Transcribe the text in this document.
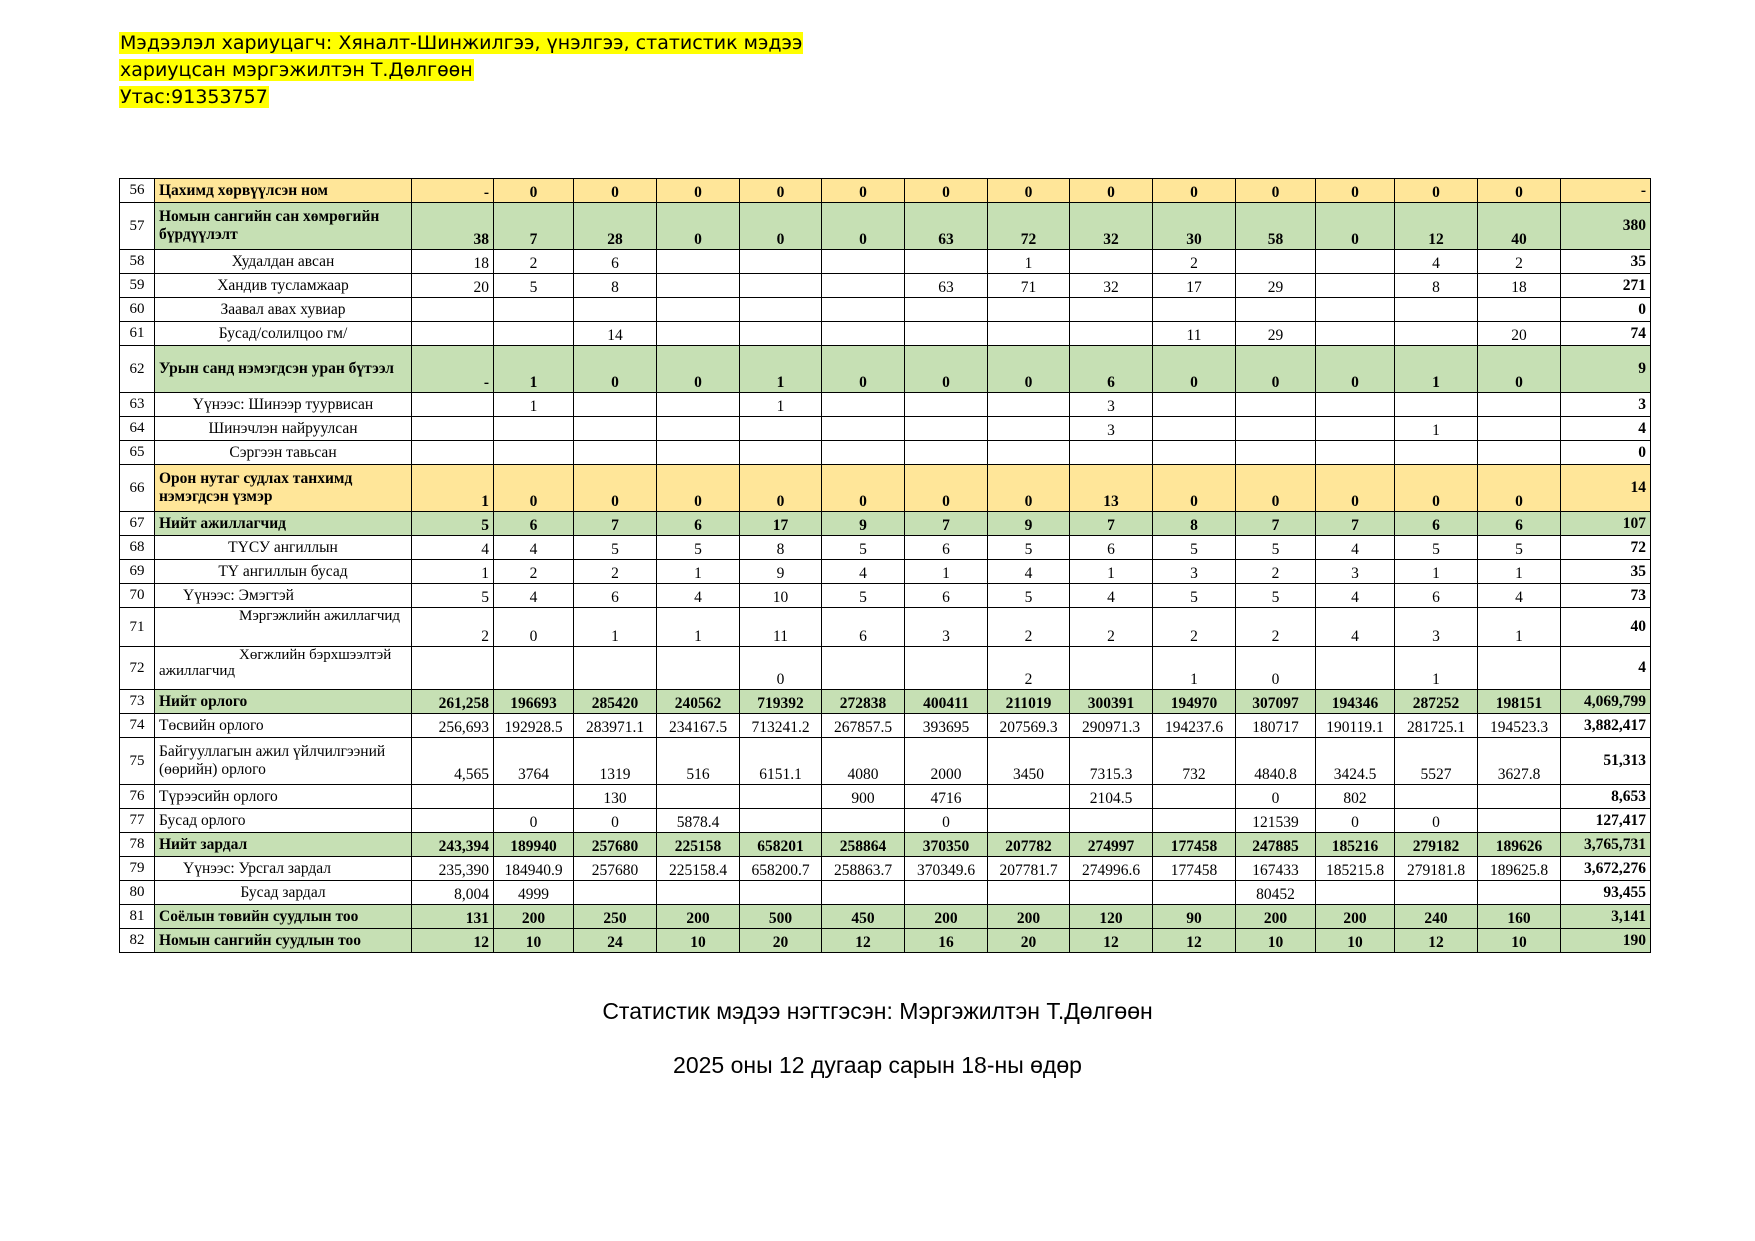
Мэдээлэл хариуцагч: Хяналт-Шинжилгээ, үнэлгээ, статистик мэдээ
хариуцсан мэргэжилтэн Т.Дөлгөөн
Утас:91353757
56	Цахимд хөрвүүлсэн ном	-	0	0	0	0	0	0	0	0	0	0	0	0	0	-
57	Номын сангийн сан хөмрөгийн бүрдүүлэлт	38	7	28	0	0	0	63	72	32	30	58	0	12	40	380
58	Худалдан авсан	18	2	6					1		2			4	2	35
59	Хандив тусламжаар	20	5	8				63	71	32	17	29		8	18	271
60	Заавал авах хувиар															0
61	Бусад/солилцоо гм/			14							11	29			20	74
62	Урын санд нэмэгдсэн уран бүтээл	-	1	0	0	1	0	0	0	6	0	0	0	1	0	9
63	Үүнээс: Шинээр туурвисан		1			1				3						3
64	Шинэчлэн найруулсан									3				1		4
65	Сэргээн тавьсан															0
66	Орон нутаг судлах танхимд нэмэгдсэн үзмэр	1	0	0	0	0	0	0	0	13	0	0	0	0	0	14
67	Нийт ажиллагчид	5	6	7	6	17	9	7	9	7	8	7	7	6	6	107
68	ТҮСУ ангиллын	4	4	5	5	8	5	6	5	6	5	5	4	5	5	72
69	ТҮ ангиллын бусад	1	2	2	1	9	4	1	4	1	3	2	3	1	1	35
70	Үүнээс: Эмэгтэй	5	4	6	4	10	5	6	5	4	5	5	4	6	4	73
71	Мэргэжлийн ажиллагчид	2	0	1	1	11	6	3	2	2	2	2	4	3	1	40
72	Хөгжлийн бэрхшээлтэй ажиллагчид					0			2		1	0		1		4
73	Нийт орлого	261,258	196693	285420	240562	719392	272838	400411	211019	300391	194970	307097	194346	287252	198151	4,069,799
74	Төсвийн орлого	256,693	192928.5	283971.1	234167.5	713241.2	267857.5	393695	207569.3	290971.3	194237.6	180717	190119.1	281725.1	194523.3	3,882,417
75	Байгууллагын ажил үйлчилгээний (өөрийн) орлого	4,565	3764	1319	516	6151.1	4080	2000	3450	7315.3	732	4840.8	3424.5	5527	3627.8	51,313
76	Түрээсийн орлого			130			900	4716		2104.5		0	802			8,653
77	Бусад орлого		0	0	5878.4			0				121539	0	0		127,417
78	Нийт зардал	243,394	189940	257680	225158	658201	258864	370350	207782	274997	177458	247885	185216	279182	189626	3,765,731
79	Үүнээс: Урсгал зардал	235,390	184940.9	257680	225158.4	658200.7	258863.7	370349.6	207781.7	274996.6	177458	167433	185215.8	279181.8	189625.8	3,672,276
80	Бусад зардал	8,004	4999									80452				93,455
81	Соёлын төвийн суудлын тоо	131	200	250	200	500	450	200	200	120	90	200	200	240	160	3,141
82	Номын сангийн суудлын тоо	12	10	24	10	20	12	16	20	12	12	10	10	12	10	190
Статистик мэдээ нэгтгэсэн: Мэргэжилтэн Т.Дөлгөөн
2025 оны 12 дугаар сарын 18-ны өдөр
